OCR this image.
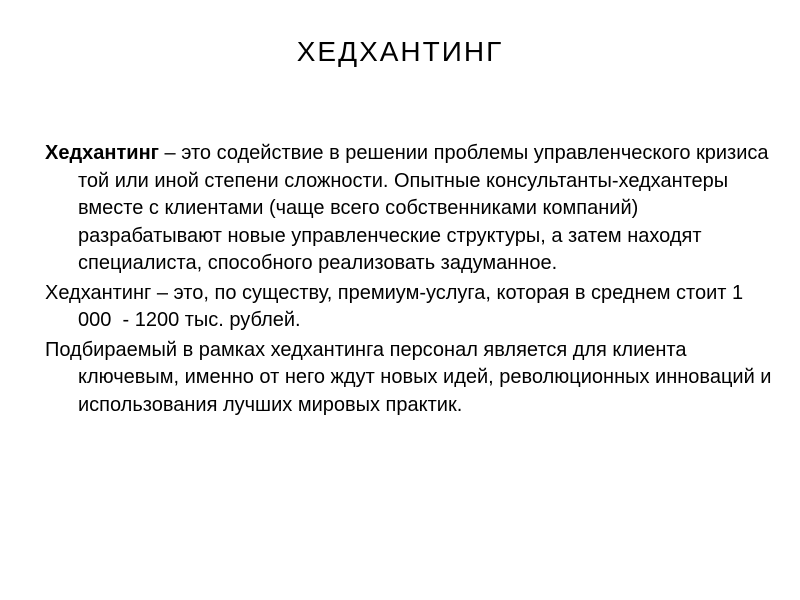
ХЕДХАНТИНГ

Хедхантинг – это содействие в решении проблемы управленческого кризиса той или иной степени сложности. Опытные консультанты-хедхантеры вместе с клиентами (чаще всего собственниками компаний) разрабатывают новые управленческие структуры, а затем находят специалиста, способного реализовать задуманное.

Хедхантинг – это, по существу, премиум-услуга, которая в среднем стоит 1 000  - 1200 тыс. рублей.

Подбираемый в рамках хедхантинга персонал является для клиента ключевым, именно от него ждут новых идей, революционных инноваций и использования лучших мировых практик.
